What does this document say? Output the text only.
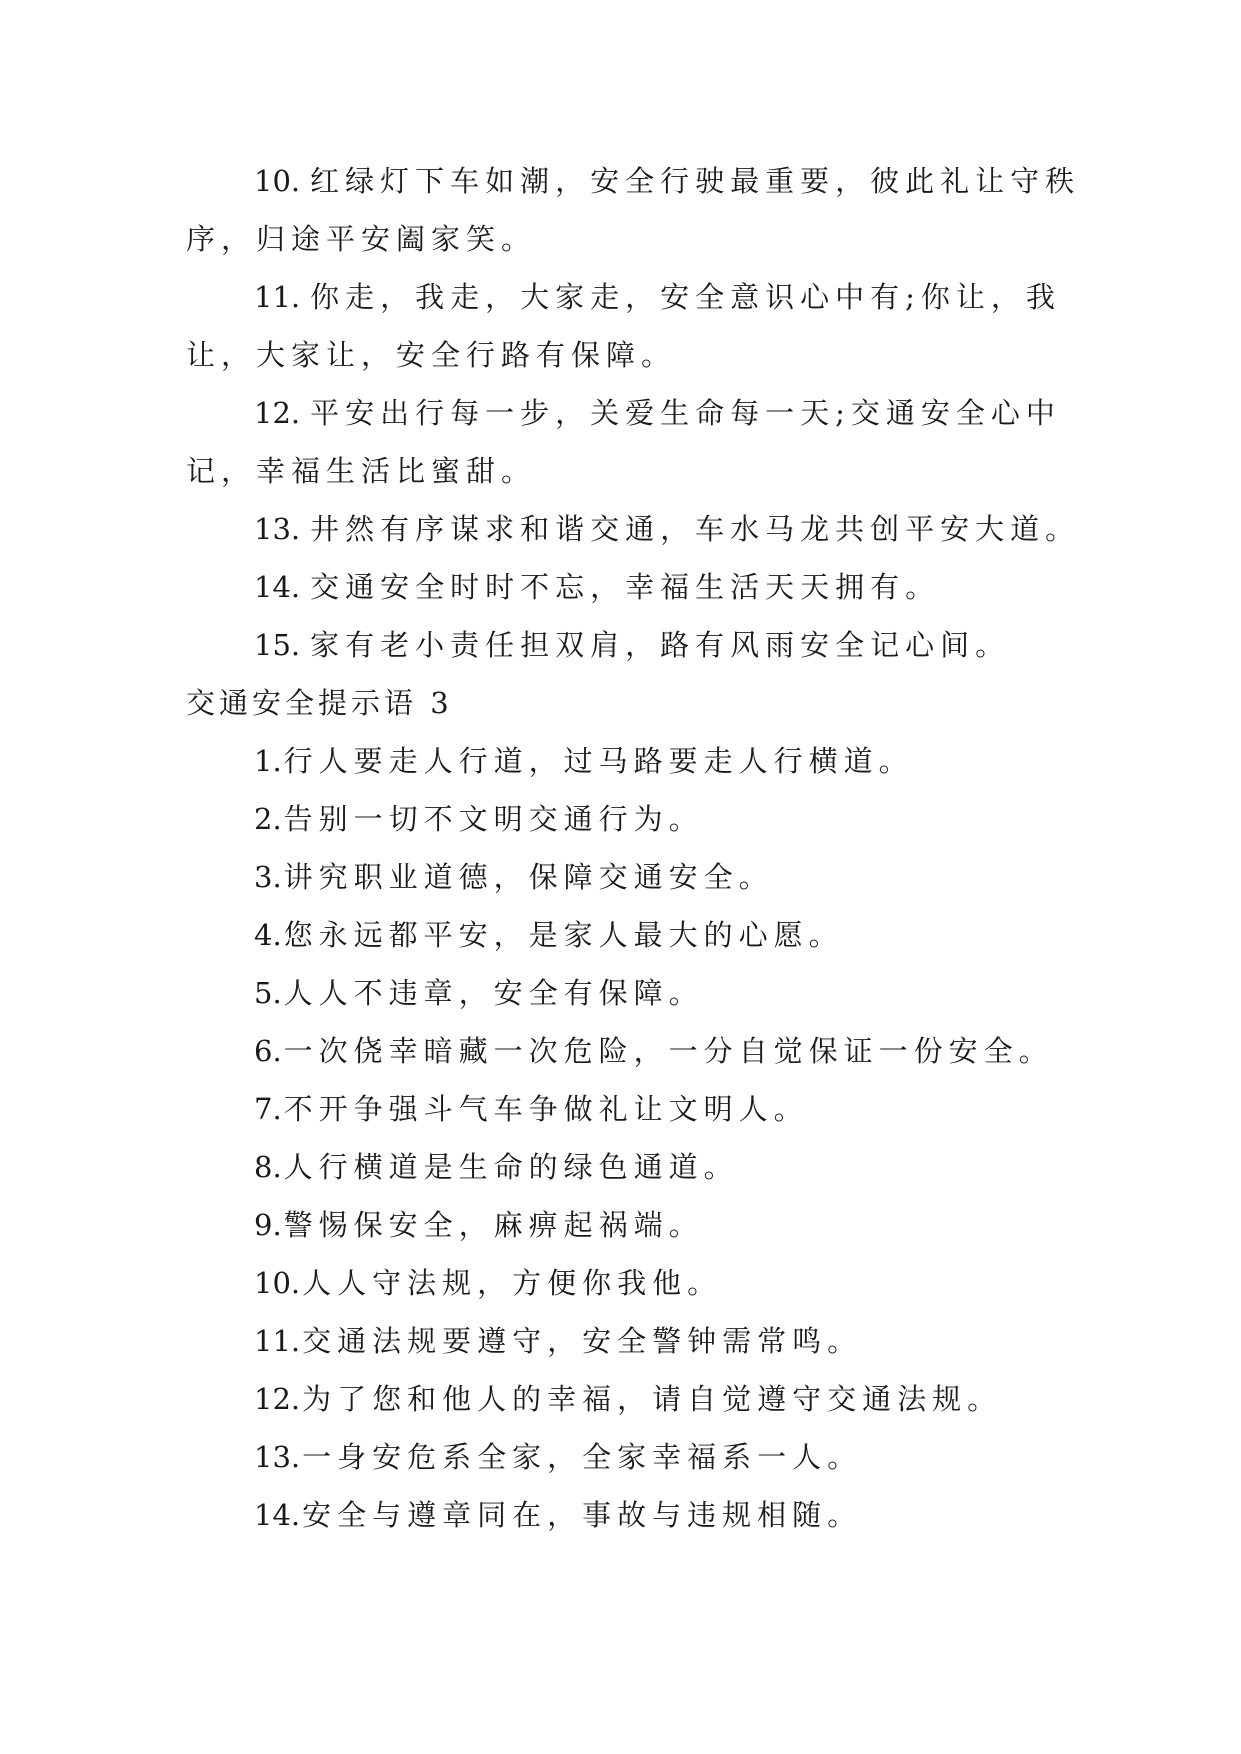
10. 红绿灯下车如潮，安全行驶最重要，彼此礼让守秩
序，归途平安阖家笑。
11. 你走，我走，大家走，安全意识心中有;你让，我
让，大家让，安全行路有保障。
12. 平安出行每一步，关爱生命每一天;交通安全心中
记，幸福生活比蜜甜。
13. 井然有序谋求和谐交通，车水马龙共创平安大道。
14. 交通安全时时不忘，幸福生活天天拥有。
15. 家有老小责任担双肩，路有风雨安全记心间。
交通安全提示语 3
1.行人要走人行道，过马路要走人行横道。
2.告别一切不文明交通行为。
3.讲究职业道德，保障交通安全。
4.您永远都平安，是家人最大的心愿。
5.人人不违章，安全有保障。
6.一次侥幸暗藏一次危险，一分自觉保证一份安全。
7.不开争强斗气车争做礼让文明人。
8.人行横道是生命的绿色通道。
9.警惕保安全，麻痹起祸端。
10.人人守法规，方便你我他。
11.交通法规要遵守，安全警钟需常鸣。
12.为了您和他人的幸福，请自觉遵守交通法规。
13.一身安危系全家，全家幸福系一人。
14.安全与遵章同在，事故与违规相随。
